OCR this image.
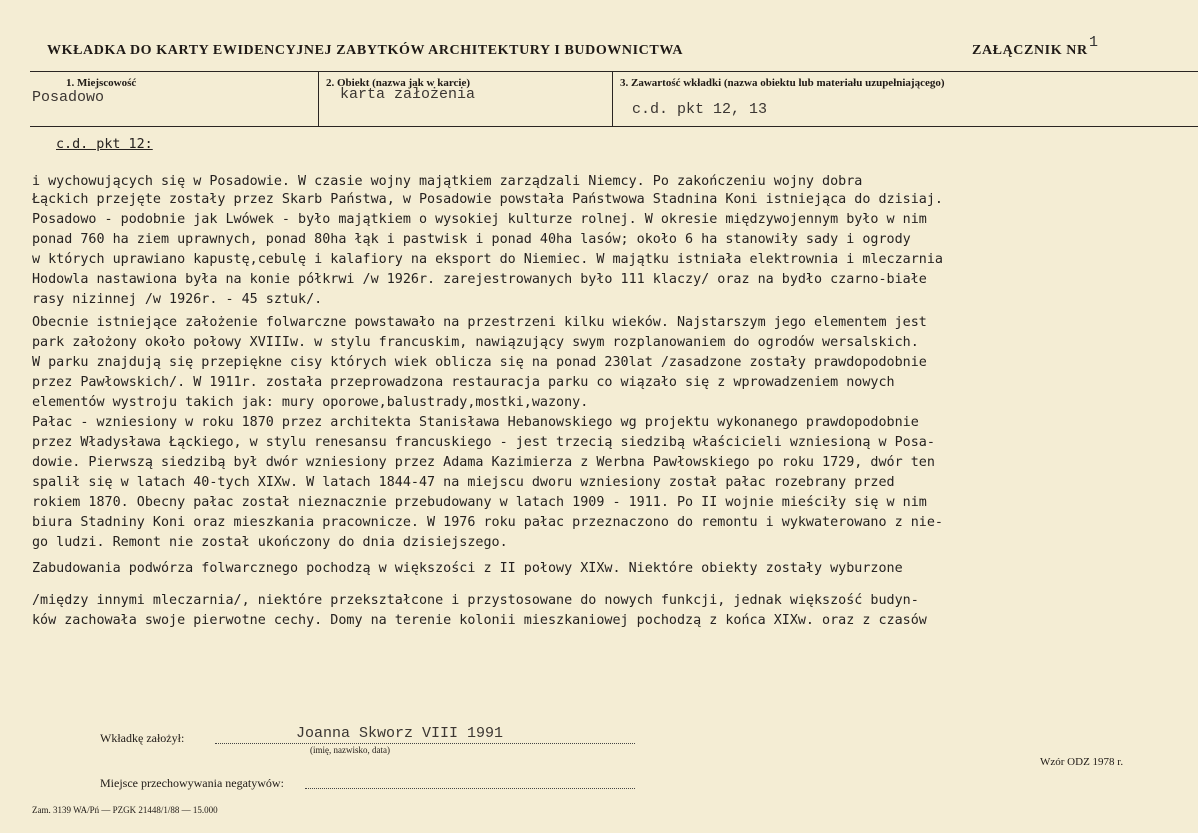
WKŁADKA DO KARTY EWIDENCYJNEJ ZABYTKÓW ARCHITEKTURY I BUDOWNICTWA	ZAŁĄCZNIK NR 1
1. Miejscowość
Posadowo
2. Obiekt (nazwa jak w karcie)
karta założenia
3. Zawartość wkładki (nazwa obiektu lub materiału uzupełniającego)
c.d. pkt 12, 13
c.d. pkt 12:
i wychowujących się w Posadowie. W czasie wojny majątkiem zarządzali Niemcy. Po zakończeniu wojny dobra
Łąckich przejęte zostały przez Skarb Państwa, w Posadowie powstała Państwowa Stadnina Koni istniejąca do dzisiaj.
Posadowo - podobnie jak Lwówek - było majątkiem o wysokiej kulturze rolnej. W okresie międzywojennym było w nim
ponad 760 ha ziem uprawnych, ponad 80ha łąk i pastwisk i ponad 40ha lasów; około 6 ha stanowiły sady i ogrody
w których uprawiano kapustę,cebulę i kalafiory na eksport do Niemiec. W majątku istniała elektrownia i mleczarnia
Hodowla nastawiona była na konie półkrwi /w 1926r. zarejestrowanych było 111 klaczy/ oraz na bydło czarno-białe
rasy nizinnej /w 1926r. - 45 sztuk/.
Obecnie istniejące założenie folwarczne powstawało na przestrzeni kilku wieków. Najstarszym jego elementem jest
park założony około połowy XVIIIw. w stylu francuskim, nawiązujący swym rozplanowaniem do ogrodów wersalskich.
W parku znajdują się przepiękne cisy których wiek oblicza się na ponad 230lat /zasadzone zostały prawdopodobnie
przez Pawłowskich/. W 1911r. została przeprowadzona restauracja parku co wiązało się z wprowadzeniem nowych
elementów wystroju takich jak: mury oporowe,balustrady,mostki,wazony.
Pałac - wzniesiony w roku 1870 przez architekta Stanisława Hebanowskiego wg projektu wykonanego prawdopodobnie
przez Władysława Łąckiego, w stylu renesansu francuskiego - jest trzecią siedzibą właścicieli wzniesioną w Posa-
dowie. Pierwszą siedzibą był dwór wzniesiony przez Adama Kazimierza z Werbna Pawłowskiego po roku 1729, dwór ten
spalił się w latach 40-tych XIXw. W latach 1844-47 na miejscu dworu wzniesiony został pałac rozebrany przed
rokiem 1870. Obecny pałac został nieznacznie przebudowany w latach 1909 - 1911. Po II wojnie mieściły się w nim
biura Stadniny Koni oraz mieszkania pracownicze. W 1976 roku pałac przeznaczono do remontu i wykwaterowano z nie-
go ludzi. Remont nie został ukończony do dnia dzisiejszego.
Zabudowania podwórza folwarcznego pochodzą w większości z II połowy XIXw. Niektóre obiekty zostały wyburzone
/między innymi mleczarnia/, niektóre przekształcone i przystosowane do nowych funkcji, jednak większość budyn-
ków zachowała swoje pierwotne cechy. Domy na terenie kolonii mieszkaniowej pochodzą z końca XIXw. oraz z czasów
Wkładkę założył:	Joanna Skworz VIII 1991
(imię, nazwisko, data)
Wzór ODZ 1978 r.
Miejsce przechowywania negatywów:
Zam. 3139 WA/Pń — PZGK 21448/1/88 — 15.000
